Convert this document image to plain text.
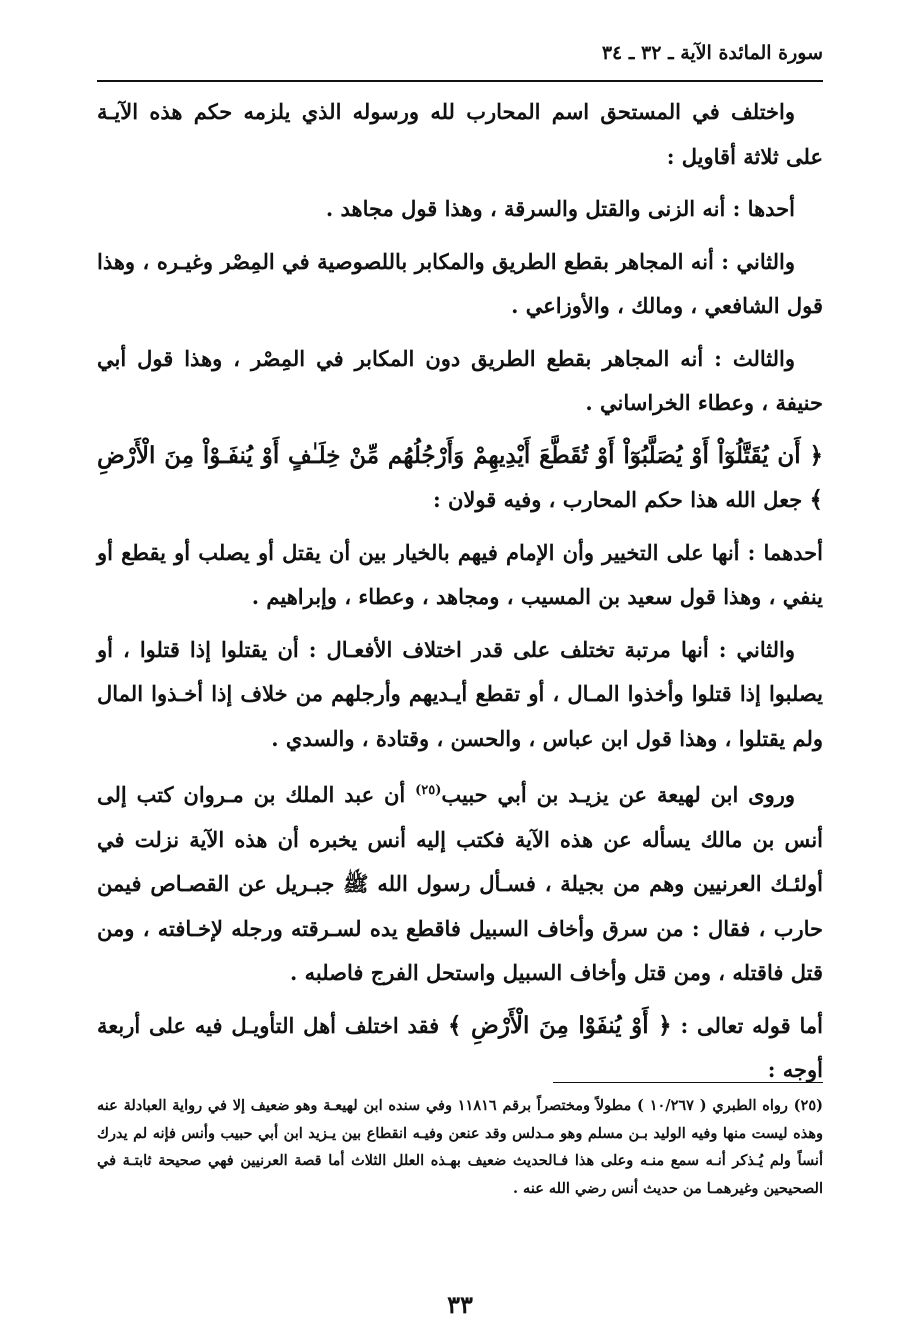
سورة المائدة الآية ـ ٣٢ ـ ٣٤

واختلف في المستحق اسم المحارب لله ورسوله الذي يلزمه حكم هذه الآيـة على ثلاثة أقاويل :

أحدها : أنه الزنى والقتل والسرقة ، وهذا قول مجاهد .

والثاني : أنه المجاهر بقطع الطريق والمكابر باللصوصية في المِصْر وغيـره ، وهذا قول الشافعي ، ومالك ، والأوزاعي .

والثالث : أنه المجاهر بقطع الطريق دون المكابر في المِصْر ، وهذا قول أبي حنيفة ، وعطاء الخراساني .

﴿ أَن يُقَتَّلُوٓاْ أَوْ يُصَلَّبُوٓاْ أَوْ تُقَطَّعَ أَيْدِيهِمْ وَأَرْجُلُهُم مِّنْ خِلَـٰفٍ أَوْ يُنفَـوْاْ مِنَ الْأَرْضِ ﴾ جعل الله هذا حكم المحارب ، وفيه قولان :

أحدهما : أنها على التخيير وأن الإمام فيهم بالخيار بين أن يقتل أو يصلب أو يقطع أو ينفي ، وهذا قول سعيد بن المسيب ، ومجاهد ، وعطاء ، وإبراهيم .

والثاني : أنها مرتبة تختلف على قدر اختلاف الأفعـال : أن يقتلوا إذا قتلوا ، أو يصلبوا إذا قتلوا وأخذوا المـال ، أو تقطع أيـديهم وأرجلهم من خلاف إذا أخـذوا المال ولم يقتلوا ، وهذا قول ابن عباس ، والحسن ، وقتادة ، والسدي .

وروى ابن لهيعة عن يزيـد بن أبي حبيب$^{(٢٥)}$ أن عبد الملك بن مـروان كتب إلى أنس بن مالك يسأله عن هذه الآية فكتب إليه أنس يخبره أن هذه الآية نزلت في أولئـك العرنيين وهم من بجيلة ، فسـأل رسول الله ﷺ جبـريل عن القصـاص فيمن حارب ، فقال : من سرق وأخاف السبيل فاقطع يده لسـرقته ورجله لإخـافته ، ومن قتل فاقتله ، ومن قتل وأخاف السبيل واستحل الفرج فاصلبه .

أما قوله تعالى : ﴿ أَوْ يُنفَوْا مِنَ الْأَرْضِ ﴾ فقد اختلف أهل التأويـل فيه على أربعة أوجه :

(٢٥) رواه الطبري ( ١٠/٢٦٧ ) مطولاً ومختصراً برقم ١١٨١٦ وفي سنده ابن لهيعـة وهو ضعيف إلا في رواية العبادلة عنه وهذه ليست منها وفيه الوليد بـن مسلم وهو مـدلس وقد عنعن وفيـه انقطاع بين يـزيد ابن أبي حبيب وأنس فإنه لم يدرك أنساً ولم يُـذكر أنـه سمع منـه وعلى هذا فـالحديث ضعيف بهـذه العلل الثلاث أما قصة العرنيين فهي صحيحة ثابتـة في الصحيحين وغيرهمـا من حديث أنس رضي الله عنه .

٣٣
